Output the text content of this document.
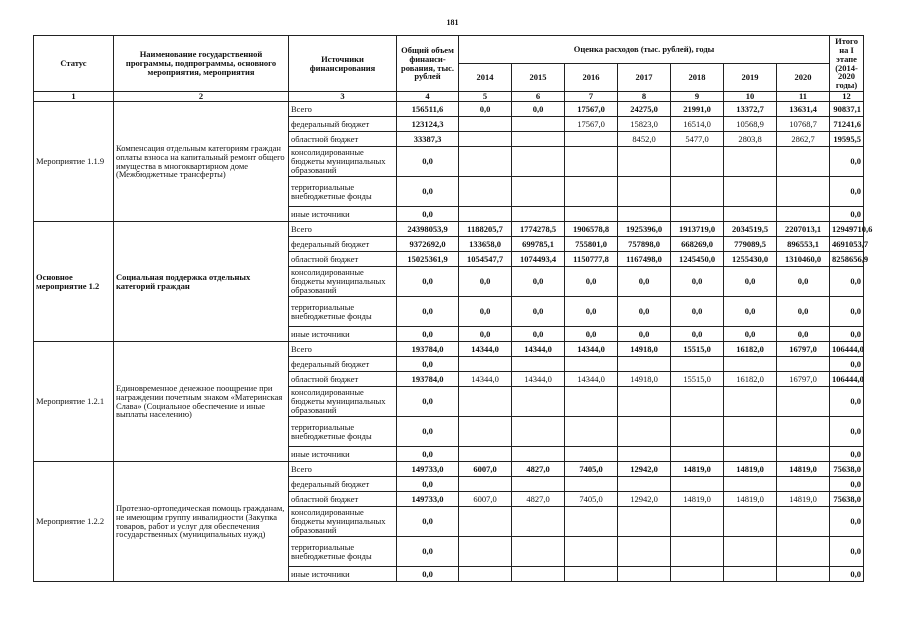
181
Статус	Наименование государственной программы, подпрограммы, основного мероприятия, мероприятия	Источники финансирования	Общий объем финанси-рования, тыс. рублей	Оценка расходов (тыс. рублей), годы							Итого на I этапе (2014-2020 годы)
				2014	2015	2016	2017	2018	2019	2020	
1	2	3	4	5	6	7	8	9	10	11	12
Мероприятие 1.1.9	Компенсация отдельным категориям граждан оплаты взноса на капитальный ремонт общего имущества в многоквартирном доме (Межбюджетные трансферты)	Всего	156511,6	0,0	0,0	17567,0	24275,0	21991,0	13372,7	13631,4	90837,1
		федеральный бюджет	123124,3			17567,0	15823,0	16514,0	10568,9	10768,7	71241,6
		областной бюджет	33387,3				8452,0	5477,0	2803,8	2862,7	19595,5
		консолидированные бюджеты муниципальных образований	0,0								0,0
		территориальные внебюджетные фонды	0,0								0,0
		иные источники	0,0								0,0
Основное мероприятие 1.2	Социальная поддержка отдельных категорий граждан	Всего	24398053,9	1188205,7	1774278,5	1906578,8	1925396,0	1913719,0	2034519,5	2207013,1	12949710,6
		федеральный бюджет	9372692,0	133658,0	699785,1	755801,0	757898,0	668269,0	779089,5	896553,1	4691053,7
		областной бюджет	15025361,9	1054547,7	1074493,4	1150777,8	1167498,0	1245450,0	1255430,0	1310460,0	8258656,9
		консолидированные бюджеты муниципальных образований	0,0	0,0	0,0	0,0	0,0	0,0	0,0	0,0	0,0
		территориальные внебюджетные фонды	0,0	0,0	0,0	0,0	0,0	0,0	0,0	0,0	0,0
		иные источники	0,0	0,0	0,0	0,0	0,0	0,0	0,0	0,0	0,0
Мероприятие 1.2.1	Единовременное денежное поощрение при награждении почетным знаком «Материнская Слава» (Социальное обеспечение и иные выплаты населению)	Всего	193784,0	14344,0	14344,0	14344,0	14918,0	15515,0	16182,0	16797,0	106444,0
		федеральный бюджет	0,0								0,0
		областной бюджет	193784,0	14344,0	14344,0	14344,0	14918,0	15515,0	16182,0	16797,0	106444,0
		консолидированные бюджеты муниципальных образований	0,0								0,0
		территориальные внебюджетные фонды	0,0								0,0
		иные источники	0,0								0,0
Мероприятие 1.2.2	Протезно-ортопедическая помощь гражданам, не имеющим группу инвалидности (Закупка товаров, работ и услуг для обеспечения государственных (муниципальных нужд)	Всего	149733,0	6007,0	4827,0	7405,0	12942,0	14819,0	14819,0	14819,0	75638,0
		федеральный бюджет	0,0								0,0
		областной бюджет	149733,0	6007,0	4827,0	7405,0	12942,0	14819,0	14819,0	14819,0	75638,0
		консолидированные бюджеты муниципальных образований	0,0								0,0
		территориальные внебюджетные фонды	0,0								0,0
		иные источники	0,0								0,0
